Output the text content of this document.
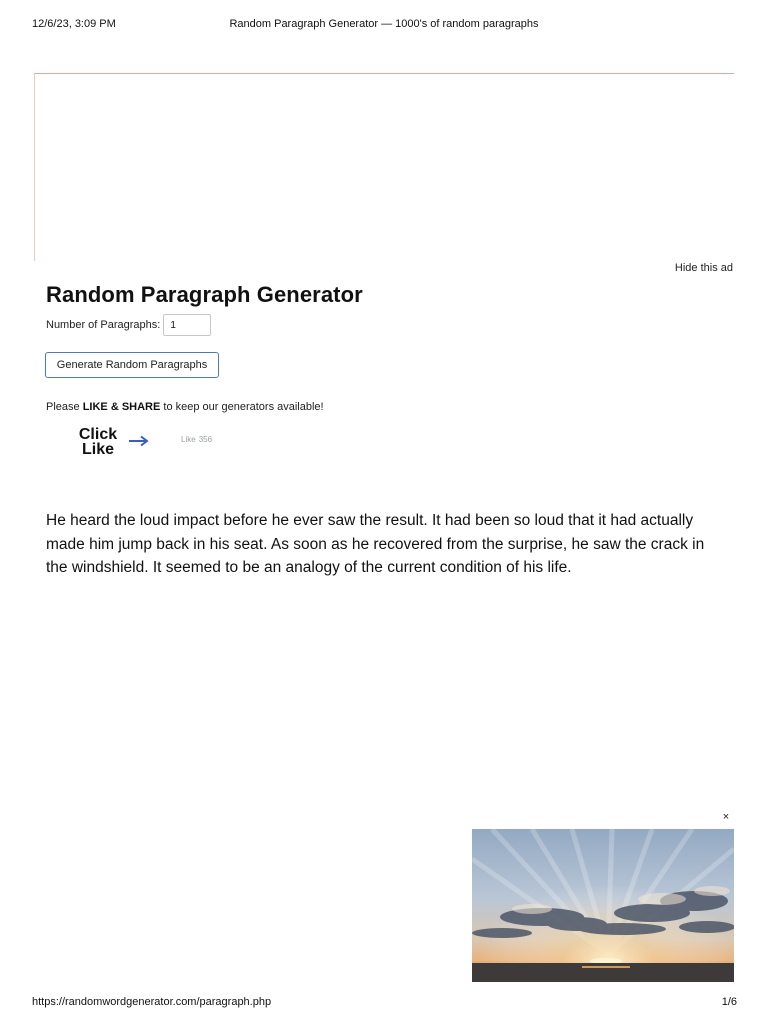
12/6/23, 3:09 PM	Random Paragraph Generator — 1000's of random paragraphs
Hide this ad
Random Paragraph Generator
Number of Paragraphs:
1
Generate Random Paragraphs
Please LIKE & SHARE to keep our generators available!
Click
Like
Like 356

He heard the loud impact before he ever saw the result. It had been so loud that it had actually made him jump back in his seat. As soon as he recovered from the surprise, he saw the crack in the windshield. It seemed to be an analogy of the current condition of his life.

×
https://randomwordgenerator.com/paragraph.php	1/6
